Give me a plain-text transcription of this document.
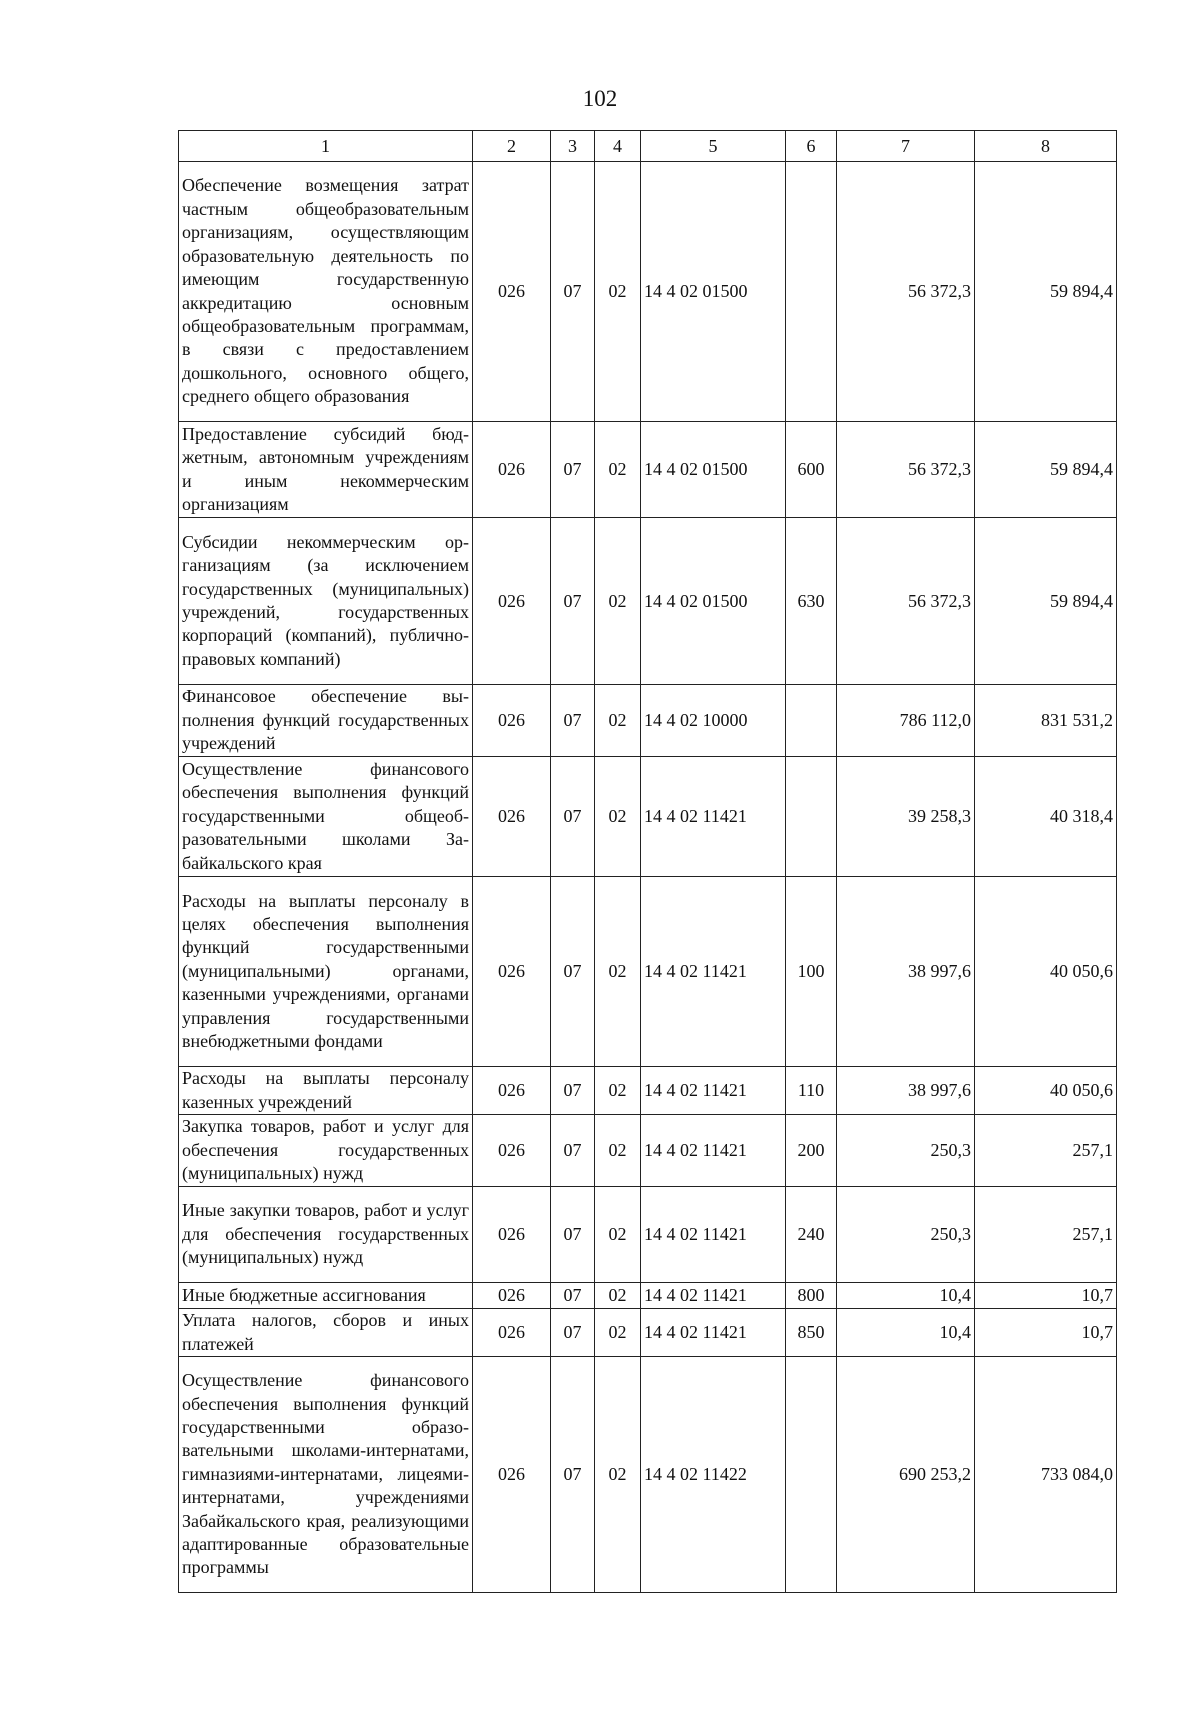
102
1	2	3	4	5	6	7	8
Обеспечение возмещения затрат частным общеобразовательным организациям, осуществляющим образовательную деятельность по имеющим государственную аккредитацию основным общеобразовательным программам, в связи с предоставлением дошкольного, основного общего, среднего общего образования	026	07	02	14 4 02 01500		56 372,3	59 894,4
Предоставление субсидий бюджетным, автономным учреждениям и иным некоммерческим организациям	026	07	02	14 4 02 01500	600	56 372,3	59 894,4
Субсидии некоммерческим организациям (за исключением государственных (муниципальных) учреждений, государственных корпораций (компаний), публично-правовых компаний)	026	07	02	14 4 02 01500	630	56 372,3	59 894,4
Финансовое обеспечение выполнения функций государственных учреждений	026	07	02	14 4 02 10000		786 112,0	831 531,2
Осуществление финансового обеспечения выполнения функций государственными общеобразовательными школами Забайкальского края	026	07	02	14 4 02 11421		39 258,3	40 318,4
Расходы на выплаты персоналу в целях обеспечения выполнения функций государственными (муниципальными) органами, казенными учреждениями, органами управления государственными внебюджетными фондами	026	07	02	14 4 02 11421	100	38 997,6	40 050,6
Расходы на выплаты персоналу казенных учреждений	026	07	02	14 4 02 11421	110	38 997,6	40 050,6
Закупка товаров, работ и услуг для обеспечения государственных (муниципальных) нужд	026	07	02	14 4 02 11421	200	250,3	257,1
Иные закупки товаров, работ и услуг для обеспечения государственных (муниципальных) нужд	026	07	02	14 4 02 11421	240	250,3	257,1
Иные бюджетные ассигнования	026	07	02	14 4 02 11421	800	10,4	10,7
Уплата налогов, сборов и иных платежей	026	07	02	14 4 02 11421	850	10,4	10,7
Осуществление финансового обеспечения выполнения функций государственными образовательными школами-интернатами, гимназиями-интернатами, лицеями-интернатами, учреждениями Забайкальского края, реализующими адаптированные образовательные программы	026	07	02	14 4 02 11422		690 253,2	733 084,0
